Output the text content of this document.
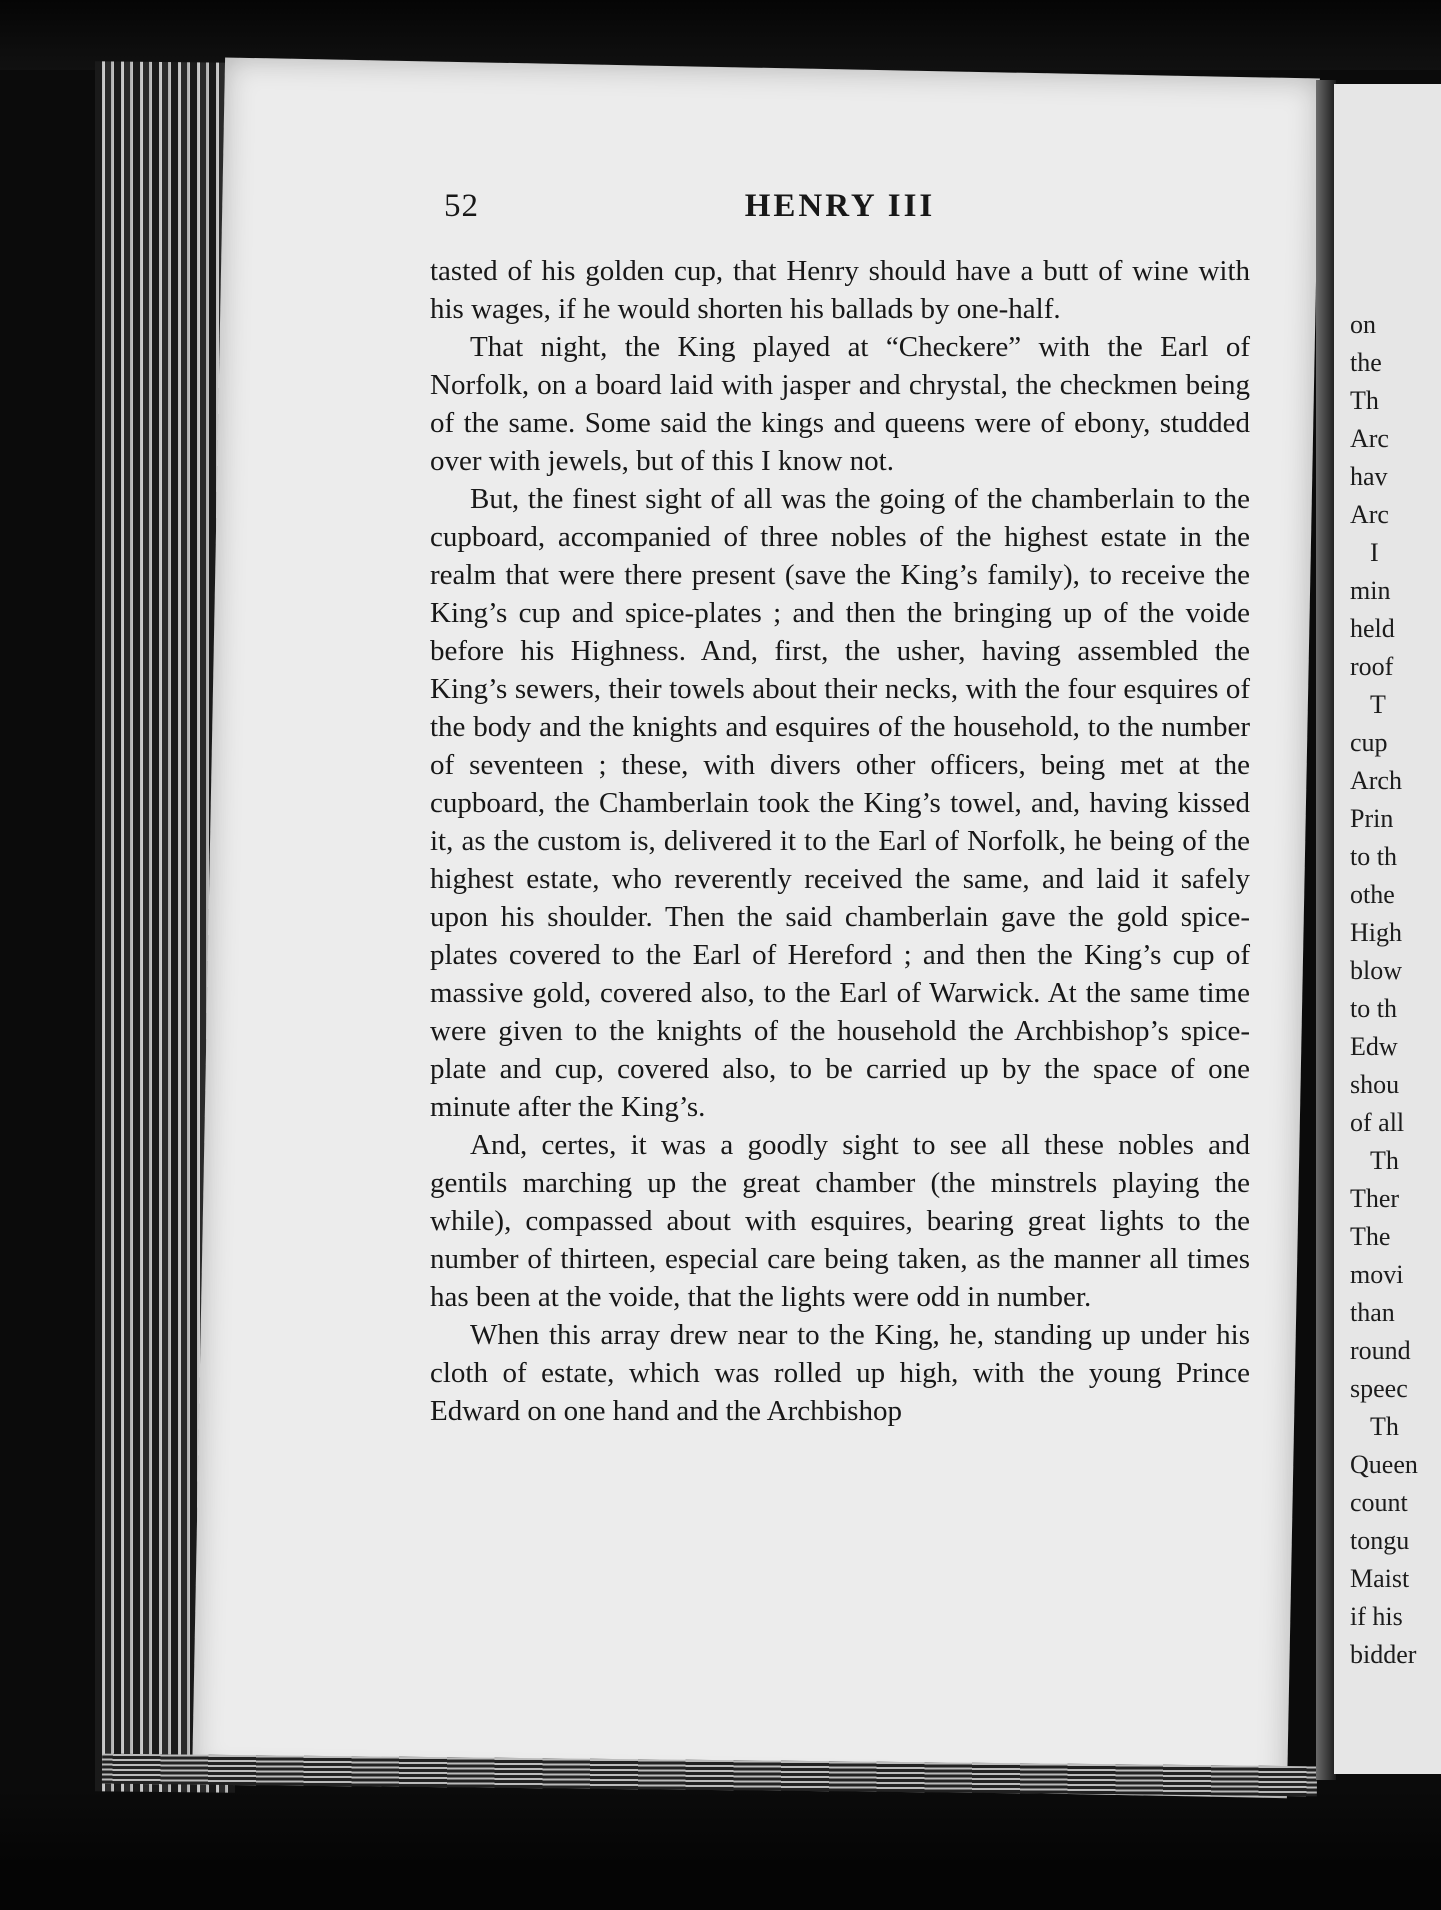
on
the
Th
Arc
hav
Arc
I
min
held
roof
T
cup
Arch
Prin
to th
othe
High
blow
to th
Edw
shou
of all
Th
Ther
The
movi
than
round
speec
Th
Queen
count
tongu
Maist
if his
bidder
52	HENRY III

tasted of his golden cup, that Henry should have a butt of wine with his wages, if he would shorten his ballads by one-half.

That night, the King played at “Checkere” with the Earl of Norfolk, on a board laid with jasper and chrystal, the checkmen being of the same. Some said the kings and queens were of ebony, studded over with jewels, but of this I know not.

But, the finest sight of all was the going of the chamberlain to the cupboard, accompanied of three nobles of the highest estate in the realm that were there present (save the King’s family), to receive the King’s cup and spice-plates ; and then the bringing up of the voide before his Highness. And, first, the usher, having assembled the King’s sewers, their towels about their necks, with the four esquires of the body and the knights and esquires of the household, to the number of seventeen ; these, with divers other officers, being met at the cupboard, the Chamberlain took the King’s towel, and, having kissed it, as the custom is, delivered it to the Earl of Norfolk, he being of the highest estate, who reverently received the same, and laid it safely upon his shoulder. Then the said chamberlain gave the gold spice-plates covered to the Earl of Hereford ; and then the King’s cup of massive gold, covered also, to the Earl of Warwick. At the same time were given to the knights of the household the Archbishop’s spice-plate and cup, covered also, to be carried up by the space of one minute after the King’s.

And, certes, it was a goodly sight to see all these nobles and gentils marching up the great chamber (the minstrels playing the while), compassed about with esquires, bearing great lights to the number of thirteen, especial care being taken, as the manner all times has been at the voide, that the lights were odd in number.

When this array drew near to the King, he, standing up under his cloth of estate, which was rolled up high, with the young Prince Edward on one hand and the Archbishop
